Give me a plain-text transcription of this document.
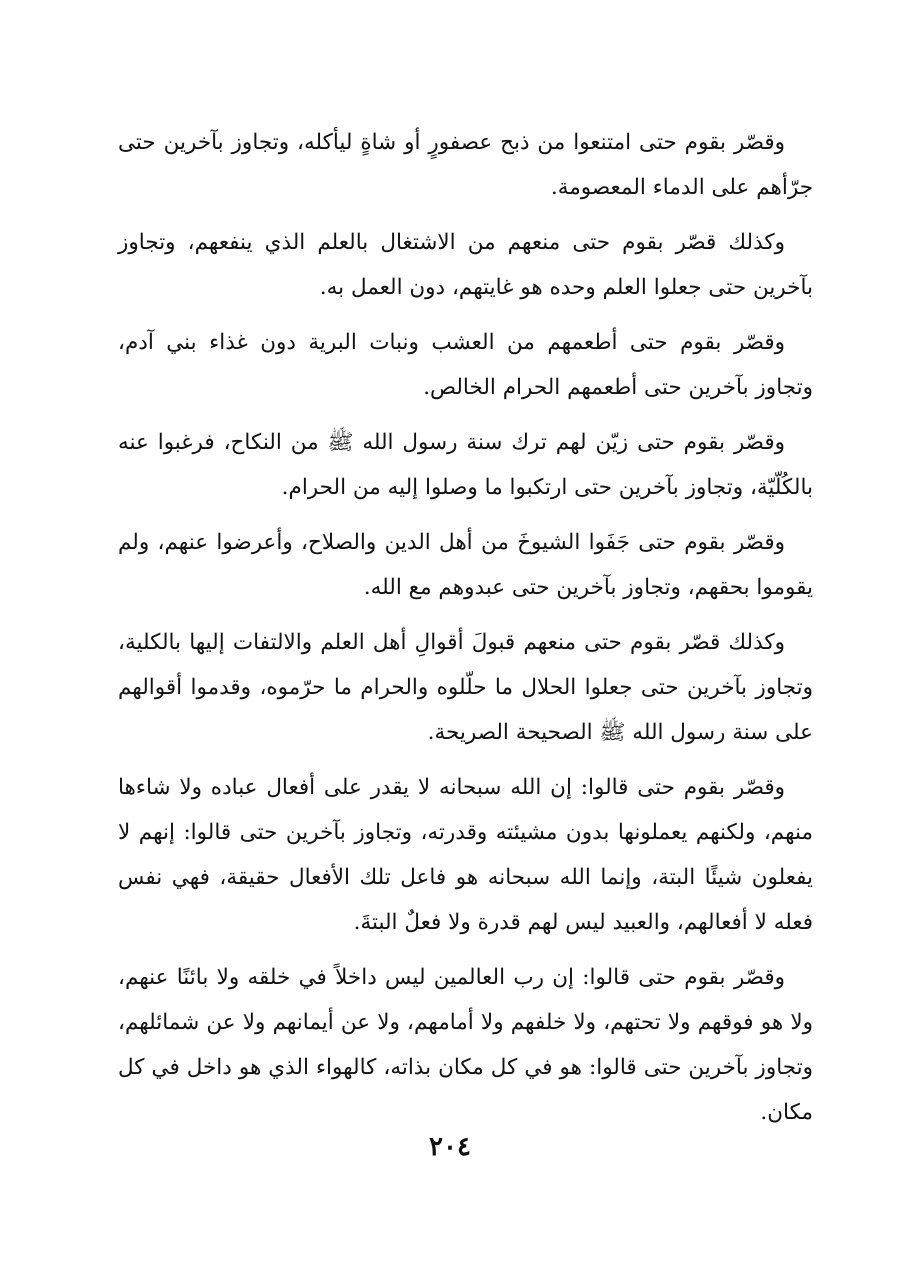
وقصّر بقوم حتى امتنعوا من ذبح عصفورٍ أو شاةٍ ليأكله، وتجاوز بآخرين حتى جرّأهم على الدماء المعصومة.

وكذلك قصّر بقوم حتى منعهم من الاشتغال بالعلم الذي ينفعهم، وتجاوز بآخرين حتى جعلوا العلم وحده هو غايتهم، دون العمل به.

وقصّر بقوم حتى أطعمهم من العشب ونبات البرية دون غذاء بني آدم، وتجاوز بآخرين حتى أطعمهم الحرام الخالص.

وقصّر بقوم حتى زيّن لهم ترك سنة رسول الله ﷺ من النكاح، فرغبوا عنه بالكُلّيّة، وتجاوز بآخرين حتى ارتكبوا ما وصلوا إليه من الحرام.

وقصّر بقوم حتى جَفَوا الشيوخَ من أهل الدين والصلاح، وأعرضوا عنهم، ولم يقوموا بحقهم، وتجاوز بآخرين حتى عبدوهم مع الله.

وكذلك قصّر بقوم حتى منعهم قبولَ أقوالِ أهل العلم والالتفات إليها بالكلية، وتجاوز بآخرين حتى جعلوا الحلال ما حلّلوه والحرام ما حرّموه، وقدموا أقوالهم على سنة رسول الله ﷺ الصحيحة الصريحة.

وقصّر بقوم حتى قالوا: إن الله سبحانه لا يقدر على أفعال عباده ولا شاءها منهم، ولكنهم يعملونها بدون مشيئته وقدرته، وتجاوز بآخرين حتى قالوا: إنهم لا يفعلون شيئًا البتة، وإنما الله سبحانه هو فاعل تلك الأفعال حقيقة، فهي نفس فعله لا أفعالهم، والعبيد ليس لهم قدرة ولا فعلٌ البتةَ.

وقصّر بقوم حتى قالوا: إن رب العالمين ليس داخلاً في خلقه ولا بائنًا عنهم، ولا هو فوقهم ولا تحتهم، ولا خلفهم ولا أمامهم، ولا عن أيمانهم ولا عن شمائلهم، وتجاوز بآخرين حتى قالوا: هو في كل مكان بذاته، كالهواء الذي هو داخل في كل مكان.

٢٠٤
